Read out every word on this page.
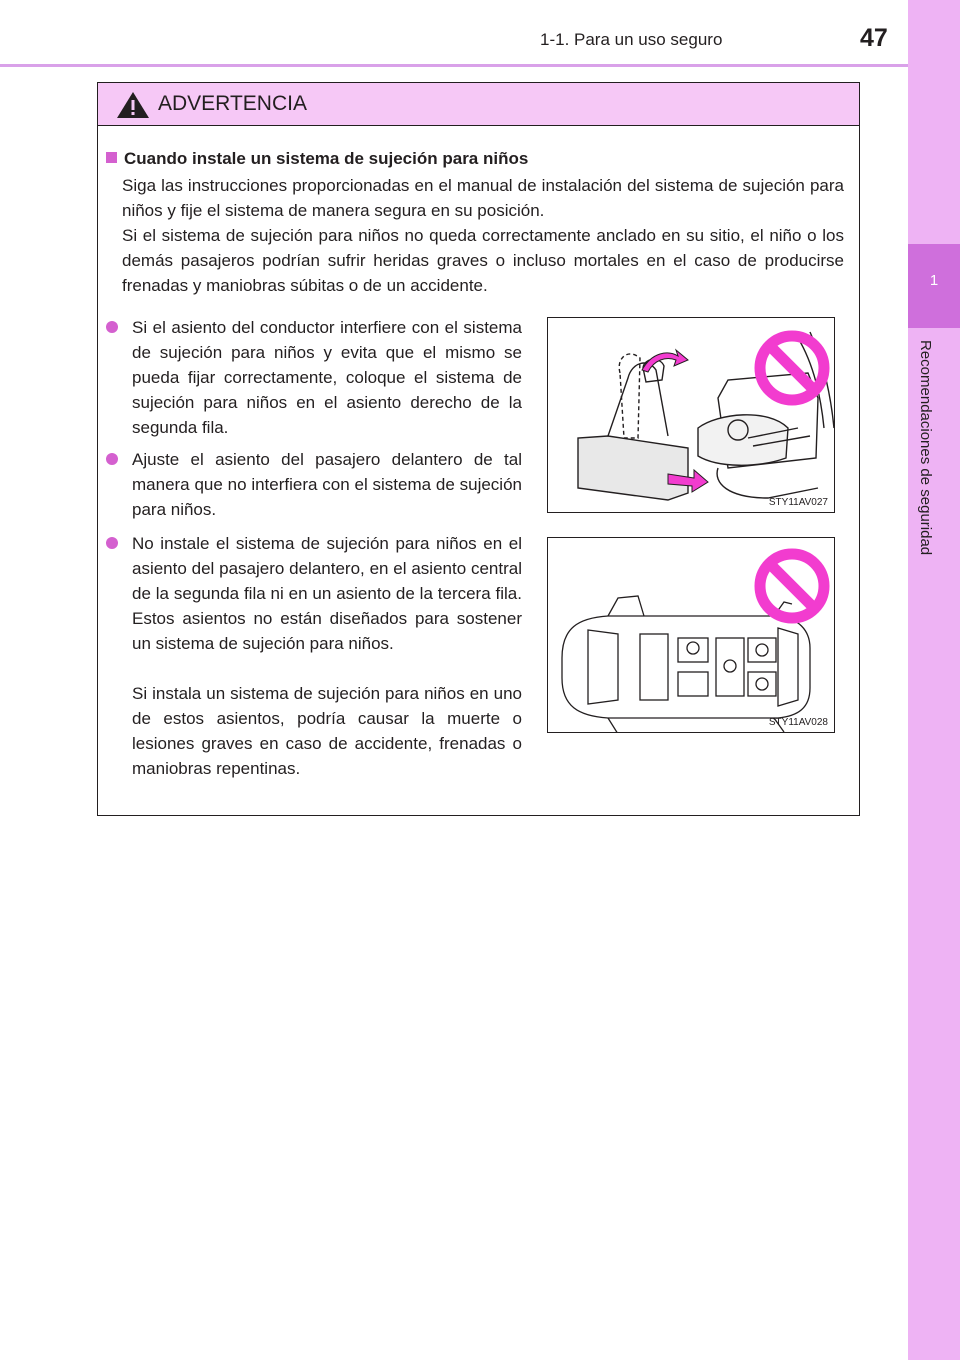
1-1. Para un uso seguro	47
1
Recomendaciones de seguridad
ADVERTENCIA
Cuando instale un sistema de sujeción para niños
Siga las instrucciones proporcionadas en el manual de instalación del sistema de sujeción para niños y fije el sistema de manera segura en su posición.
Si el sistema de sujeción para niños no queda correctamente anclado en su sitio, el niño o los demás pasajeros podrían sufrir heridas graves o incluso mortales en el caso de producirse frenadas y maniobras súbitas o de un accidente.
Si el asiento del conductor interfiere con el sistema de sujeción para niños y evita que el mismo se pueda fijar correctamente, coloque el sistema de sujeción para niños en el asiento derecho de la segunda fila.
Ajuste el asiento del pasajero delantero de tal manera que no interfiera con el sistema de sujeción para niños.
No instale el sistema de sujeción para niños en el asiento del pasajero delantero, en el asiento central de la segunda fila ni en un asiento de la tercera fila. Estos asientos no están diseñados para sostener un sistema de sujeción para niños.
Si instala un sistema de sujeción para niños en uno de estos asientos, podría causar la muerte o lesiones graves en caso de accidente, frenadas o maniobras repentinas.
STY11AV027
STY11AV028
